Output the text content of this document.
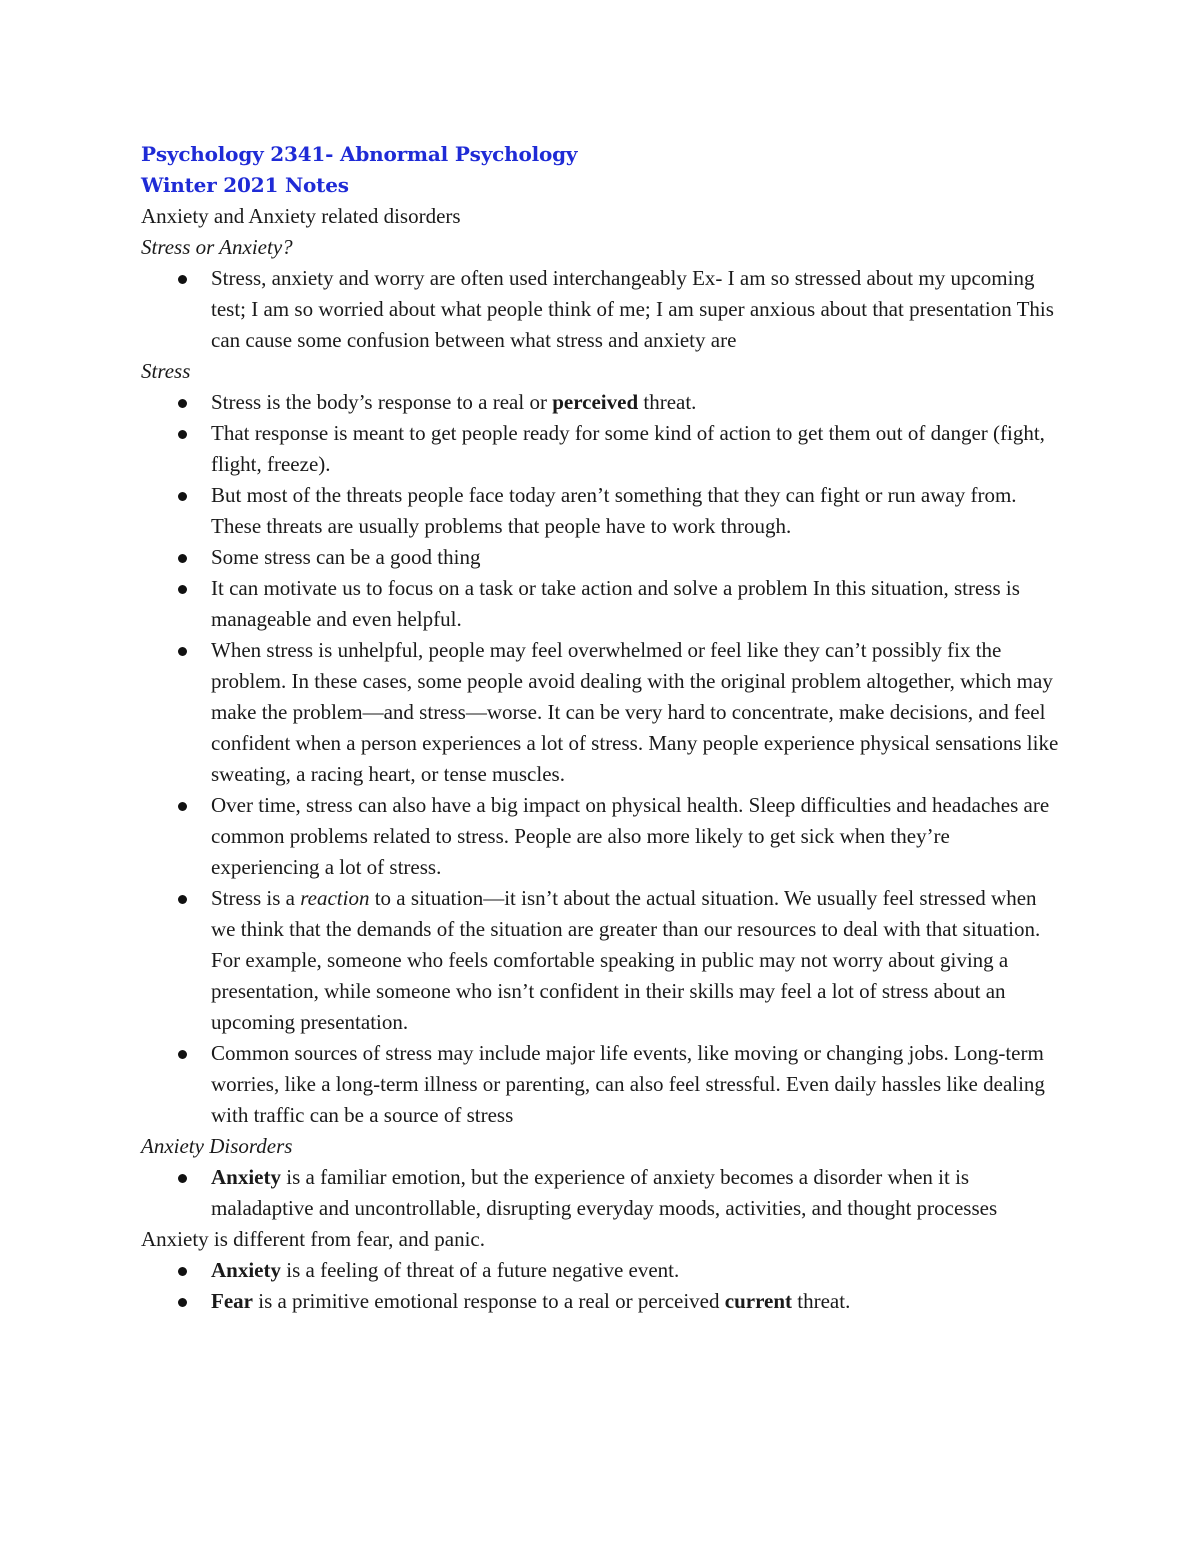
Psychology 2341- Abnormal Psychology

Winter 2021 Notes

Anxiety and Anxiety related disorders

Stress or Anxiety?

Stress, anxiety and worry are often used interchangeably Ex- I am so stressed about my upcoming test; I am so worried about what people think of me; I am super anxious about that presentation This can cause some confusion between what stress and anxiety are

Stress

Stress is the body’s response to a real or perceived threat.
That response is meant to get people ready for some kind of action to get them out of danger (fight, flight, freeze).
But most of the threats people face today aren’t something that they can fight or run away from. These threats are usually problems that people have to work through.
Some stress can be a good thing
It can motivate us to focus on a task or take action and solve a problem In this situation, stress is manageable and even helpful.
When stress is unhelpful, people may feel overwhelmed or feel like they can’t possibly fix the problem. In these cases, some people avoid dealing with the original problem altogether, which may make the problem—and stress—worse. It can be very hard to concentrate, make decisions, and feel confident when a person experiences a lot of stress. Many people experience physical sensations like sweating, a racing heart, or tense muscles.
Over time, stress can also have a big impact on physical health. Sleep difficulties and headaches are common problems related to stress. People are also more likely to get sick when they’re experiencing a lot of stress.
Stress is a reaction to a situation—it isn’t about the actual situation. We usually feel stressed when we think that the demands of the situation are greater than our resources to deal with that situation. For example, someone who feels comfortable speaking in public may not worry about giving a presentation, while someone who isn’t confident in their skills may feel a lot of stress about an upcoming presentation.
Common sources of stress may include major life events, like moving or changing jobs. Long-term worries, like a long-term illness or parenting, can also feel stressful. Even daily hassles like dealing with traffic can be a source of stress

Anxiety Disorders

Anxiety is a familiar emotion, but the experience of anxiety becomes a disorder when it is maladaptive and uncontrollable, disrupting everyday moods, activities, and thought processes

Anxiety is different from fear, and panic.

Anxiety is a feeling of threat of a future negative event.
Fear is a primitive emotional response to a real or perceived current threat.
